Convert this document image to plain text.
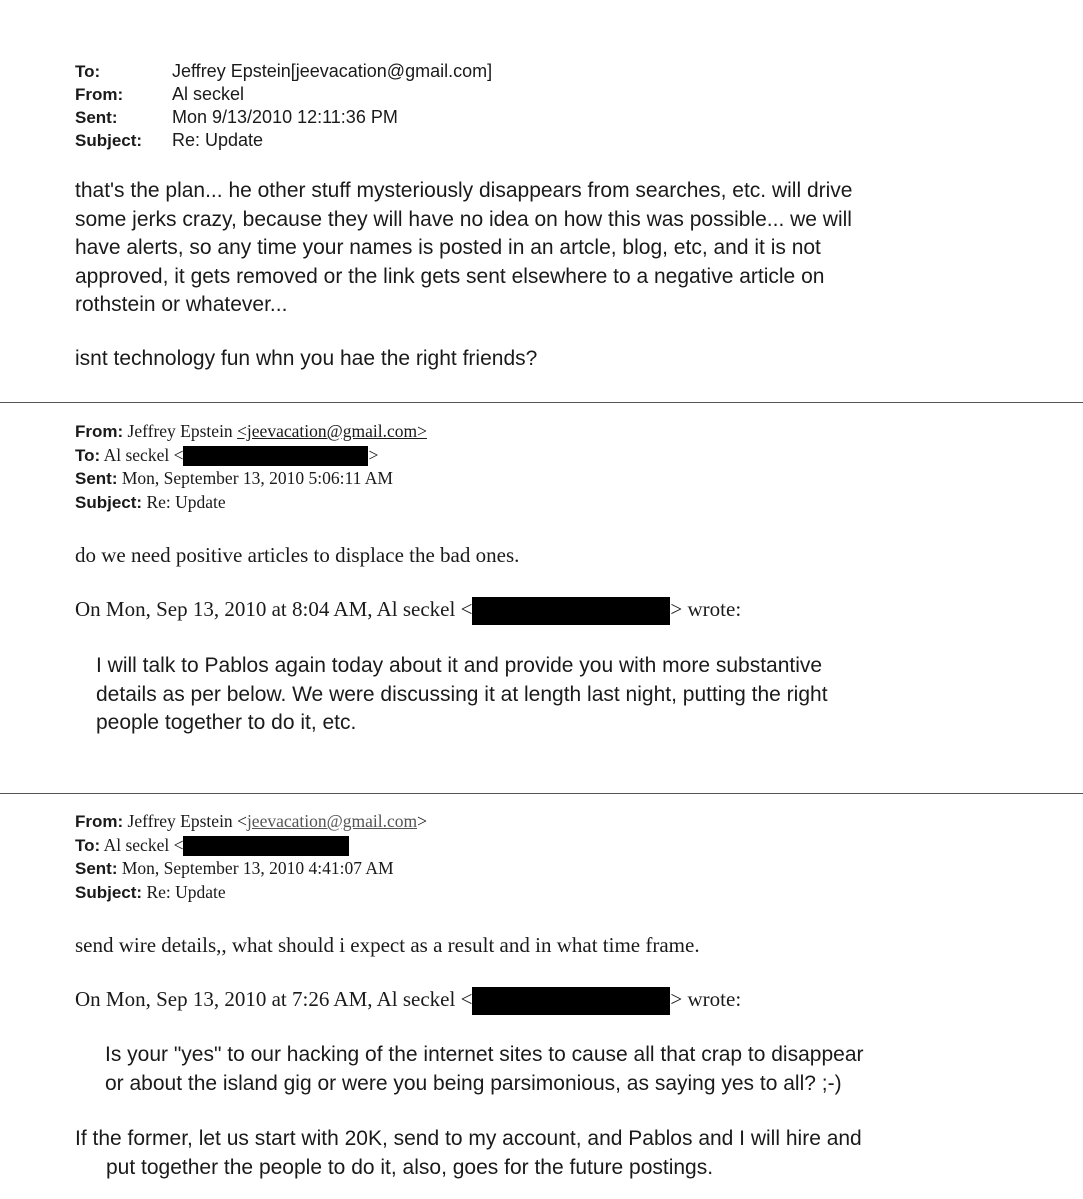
To:	Jeffrey Epstein[jeevacation@gmail.com]
From:	Al seckel
Sent:	Mon 9/13/2010 12:11:36 PM
Subject: Re: Update
that's the plan... he other stuff mysteriously disappears from searches, etc. will drive
some jerks crazy, because they will have no idea on how this was possible... we will
have alerts, so any time your names is posted in an artcle, blog, etc, and it is not
approved, it gets removed or the link gets sent elsewhere to a negative article on
rothstein or whatever...
isnt technology fun whn you hae the right friends?
From: Jeffrey Epstein <jeevacation@gmail.com>
To: Al seckel <	>
Sent: Mon, September 13, 2010 5:06:11 AM
Subject: Re: Update
do we need positive articles to displace the bad ones.
On Mon, Sep 13, 2010 at 8:04 AM, Al seckel <	> wrote:
I will talk to Pablos again today about it and provide you with more substantive
details as per below. We were discussing it at length last night, putting the right
people together to do it, etc.
From: Jeffrey Epstein <jeevacation@gmail.com>
To: Al seckel <
Sent: Mon, September 13, 2010 4:41:07 AM
Subject: Re: Update
send wire details,, what should i expect as a result and in what time frame.
On Mon, Sep 13, 2010 at 7:26 AM, Al seckel <	> wrote:
Is your "yes" to our hacking of the internet sites to cause all that crap to disappear
or about the island gig or were you being parsimonious, as saying yes to all? ;-)
If the former, let us start with 20K, send to my account, and Pablos and I will hire and
put together the people to do it, also, goes for the future postings.
